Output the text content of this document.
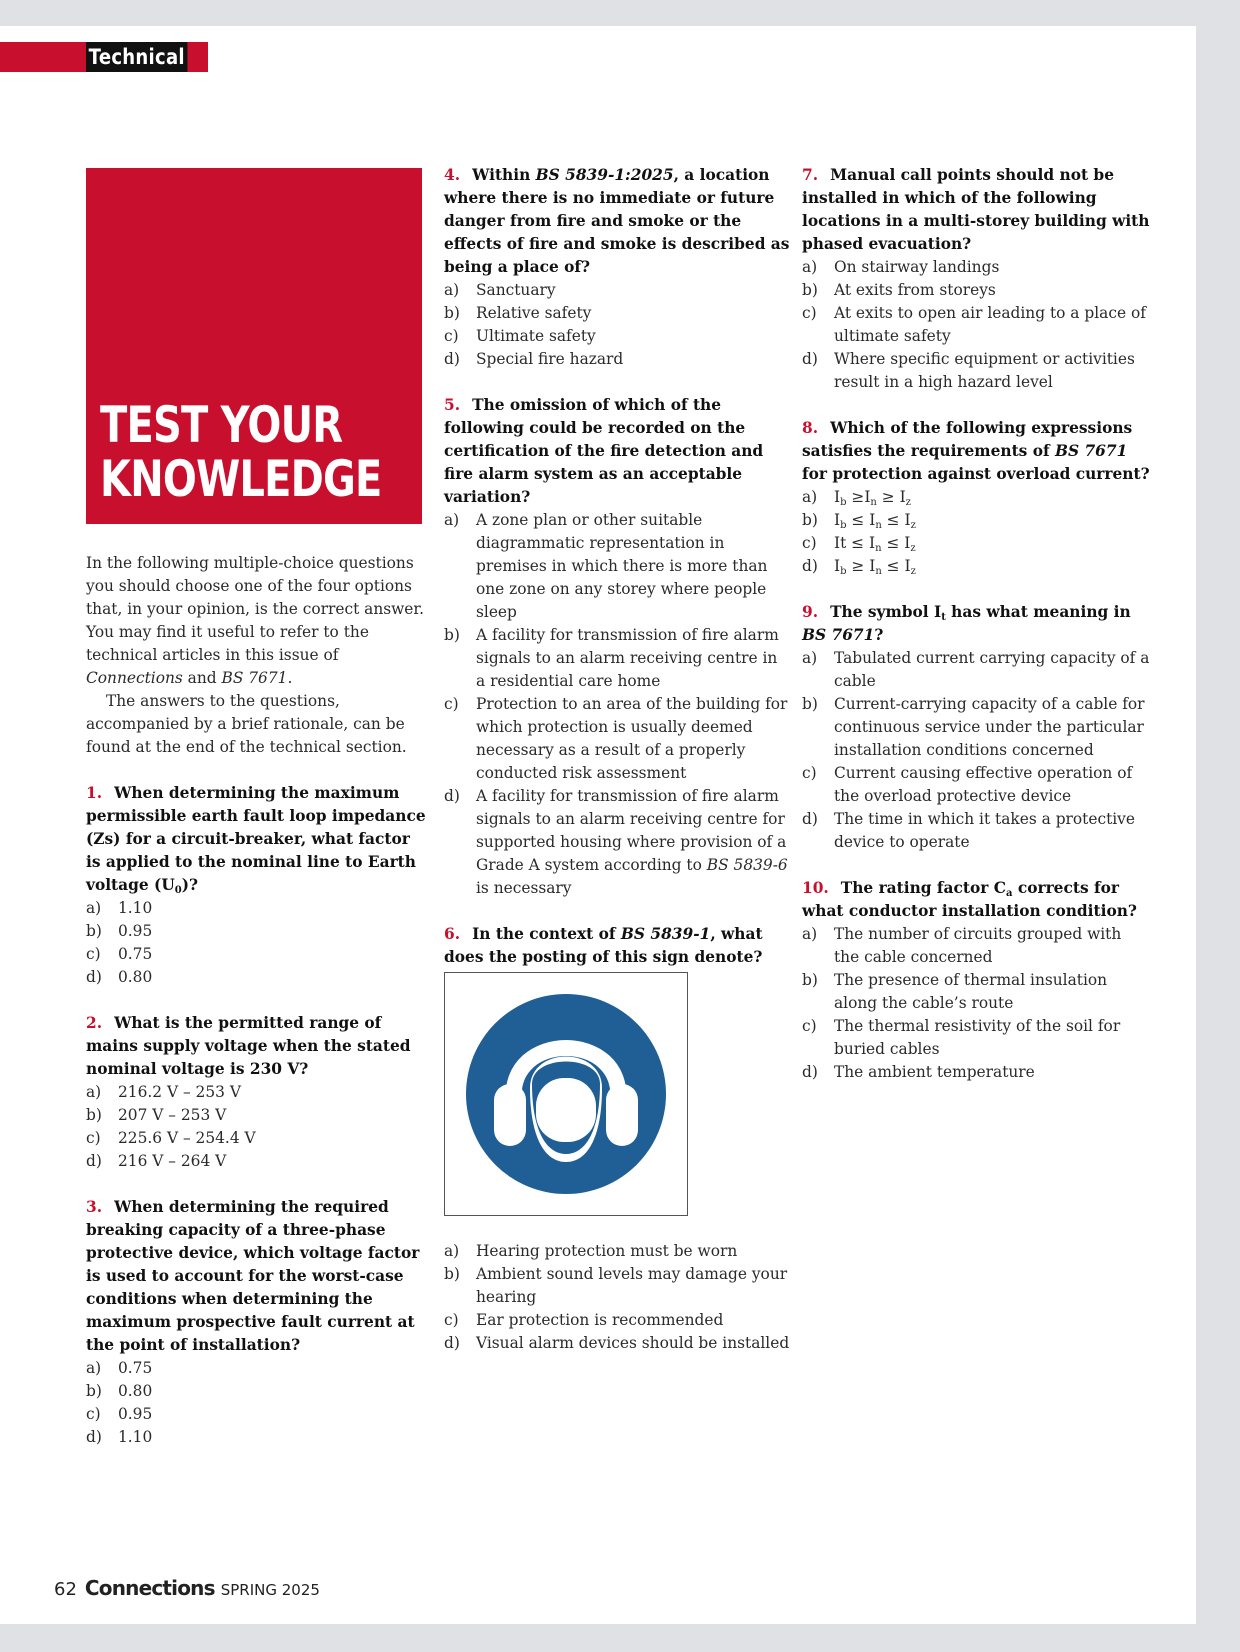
Technical
TEST YOUR
KNOWLEDGE

In the following multiple-choice questions you should choose one of the four options that, in your opinion, is the correct answer. You may find it useful to refer to the technical articles in this issue of Connections and BS 7671.

The answers to the questions, accompanied by a brief rationale, can be found at the end of the technical section.

1. When determining the maximum permissible earth fault loop impedance (Zs) for a circuit-breaker, what factor is applied to the nominal line to Earth voltage $(U_0)$?
a)	1.10
b)	0.95
c)	0.75
d)	0.80
2. What is the permitted range of mains supply voltage when the stated nominal voltage is 230 V?
a)	216.2 V – 253 V
b)	207 V – 253 V
c)	225.6 V – 254.4 V
d)	216 V – 264 V
3. When determining the required breaking capacity of a three-phase protective device, which voltage factor is used to account for the worst-case conditions when determining the maximum prospective fault current at the point of installation?
a)	0.75
b)	0.80
c)	0.95
d)	1.10
4. Within BS 5839-1:2025, a location where there is no immediate or future danger from fire and smoke or the effects of fire and smoke is described as being a place of?
a)	Sanctuary
b)	Relative safety
c)	Ultimate safety
d)	Special fire hazard
5. The omission of which of the following could be recorded on the certification of the fire detection and fire alarm system as an acceptable variation?
a)	A zone plan or other suitable diagrammatic representation in premises in which there is more than one zone on any storey where people sleep
b)	A facility for transmission of fire alarm signals to an alarm receiving centre in a residential care home
c)	Protection to an area of the building for which protection is usually deemed necessary as a result of a properly conducted risk assessment
d)	A facility for transmission of fire alarm signals to an alarm receiving centre for supported housing where provision of a Grade A system according to BS 5839-6 is necessary
6. In the context of BS 5839-1, what does the posting of this sign denote?
a)	Hearing protection must be worn
b)	Ambient sound levels may damage your hearing
c)	Ear protection is recommended
d)	Visual alarm devices should be installed
7. Manual call points should not be installed in which of the following locations in a multi-storey building with phased evacuation?
a)	On stairway landings
b)	At exits from storeys
c)	At exits to open air leading to a place of ultimate safety
d)	Where specific equipment or activities result in a high hazard level
8. Which of the following expressions satisfies the requirements of BS 7671 for protection against overload current?
a)	$I_b \ge I_n \ge I_z$
b)	$I_b \le I_n \le I_z$
c)	$It \le I_n \le I_z$
d)	$I_b \ge I_n \le I_z$
9. The symbol $I_t$ has what meaning in BS 7671?
a)	Tabulated current carrying capacity of a cable
b)	Current-carrying capacity of a cable for continuous service under the particular installation conditions concerned
c)	Current causing effective operation of the overload protective device
d)	The time in which it takes a protective device to operate
10. The rating factor $C_a$ corrects for what conductor installation condition?
a)	The number of circuits grouped with the cable concerned
b)	The presence of thermal insulation along the cable’s route
c)	The thermal resistivity of the soil for buried cables
d)	The ambient temperature
62 Connections SPRING 2025
